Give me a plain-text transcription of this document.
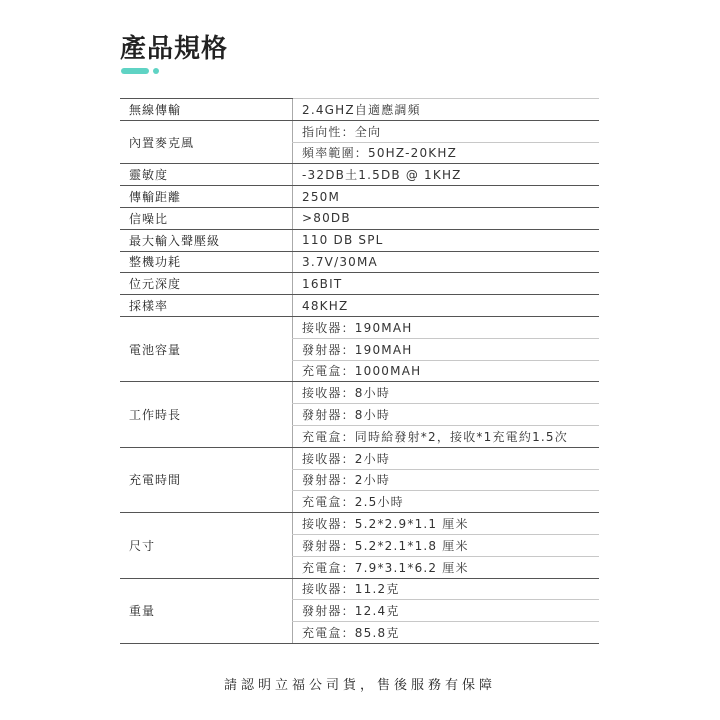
產品規格
無線傳輸	2.4GHZ自適應調頻
內置麥克風	指向性：全向
	頻率範圍：50HZ-20KHZ
靈敏度	-32DB土1.5DB @ 1KHZ
傳輸距離	250M
信噪比	>80DB
最大輸入聲壓級	110 DB SPL
整機功耗	3.7V/30MA
位元深度	16BIT
採樣率	48KHZ
電池容量	接收器：190MAH
	發射器：190MAH
	充電盒：1000MAH
工作時長	接收器：8小時
	發射器：8小時
	充電盒：同時給發射*2，接收*1充電約1.5次
充電時間	接收器：2小時
	發射器：2小時
	充電盒：2.5小時
尺寸	接收器：5.2*2.9*1.1 厘米
	發射器：5.2*2.1*1.8 厘米
	充電盒：7.9*3.1*6.2 厘米
重量	接收器：11.2克
	發射器：12.4克
	充電盒：85.8克
請認明立福公司貨，售後服務有保障
